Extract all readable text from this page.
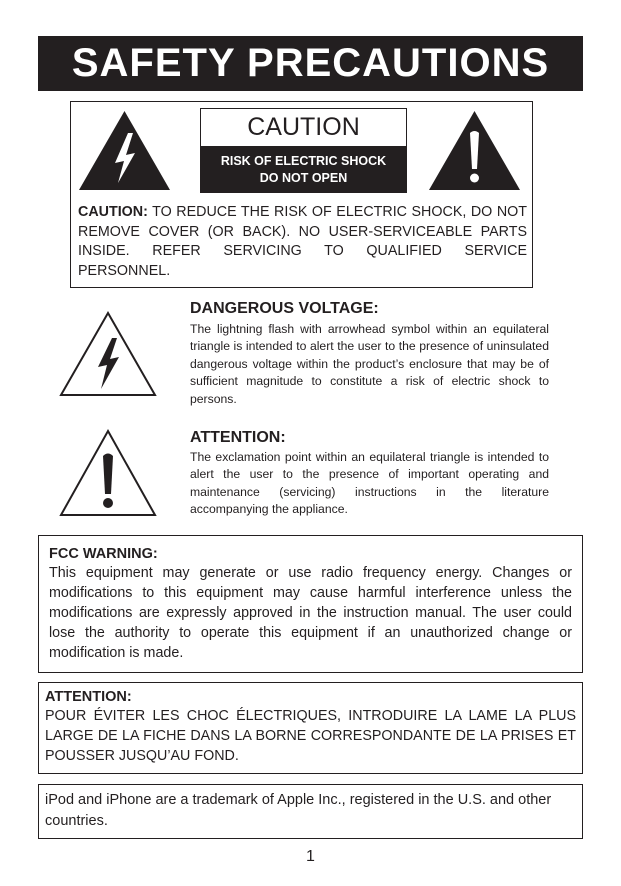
SAFETY PRECAUTIONS
CAUTION
RISK OF ELECTRIC SHOCK
DO NOT OPEN
CAUTION: TO REDUCE THE RISK OF ELECTRIC SHOCK, DO NOT REMOVE COVER (OR BACK). NO USER-SERVICEABLE PARTS INSIDE. REFER SERVICING TO QUALIFIED SERVICE PERSONNEL.
DANGEROUS VOLTAGE:
The lightning flash with arrowhead symbol within an equilateral triangle is intended to alert the user to the presence of uninsulated dangerous voltage within the product’s enclosure that may be of sufficient magnitude to constitute a risk of electric shock to persons.
ATTENTION:
The exclamation point within an equilateral triangle is intended to alert the user to the presence of important operating and maintenance (servicing) instructions in the literature accompanying the appliance.
FCC WARNING:
This equipment may generate or use radio frequency energy. Changes or modifications to this equipment may cause harmful interference unless the modifications are expressly approved in the instruction manual. The user could lose the authority to operate this equipment if an unauthorized change or modification is made.
ATTENTION:
POUR ÉVITER LES CHOC ÉLECTRIQUES, INTRODUIRE LA LAME LA PLUS LARGE DE LA FICHE DANS LA BORNE CORRESPONDANTE DE LA PRISES ET POUSSER JUSQU’AU FOND.
iPod and iPhone are a trademark of Apple Inc., registered in the U.S. and other countries.
1
